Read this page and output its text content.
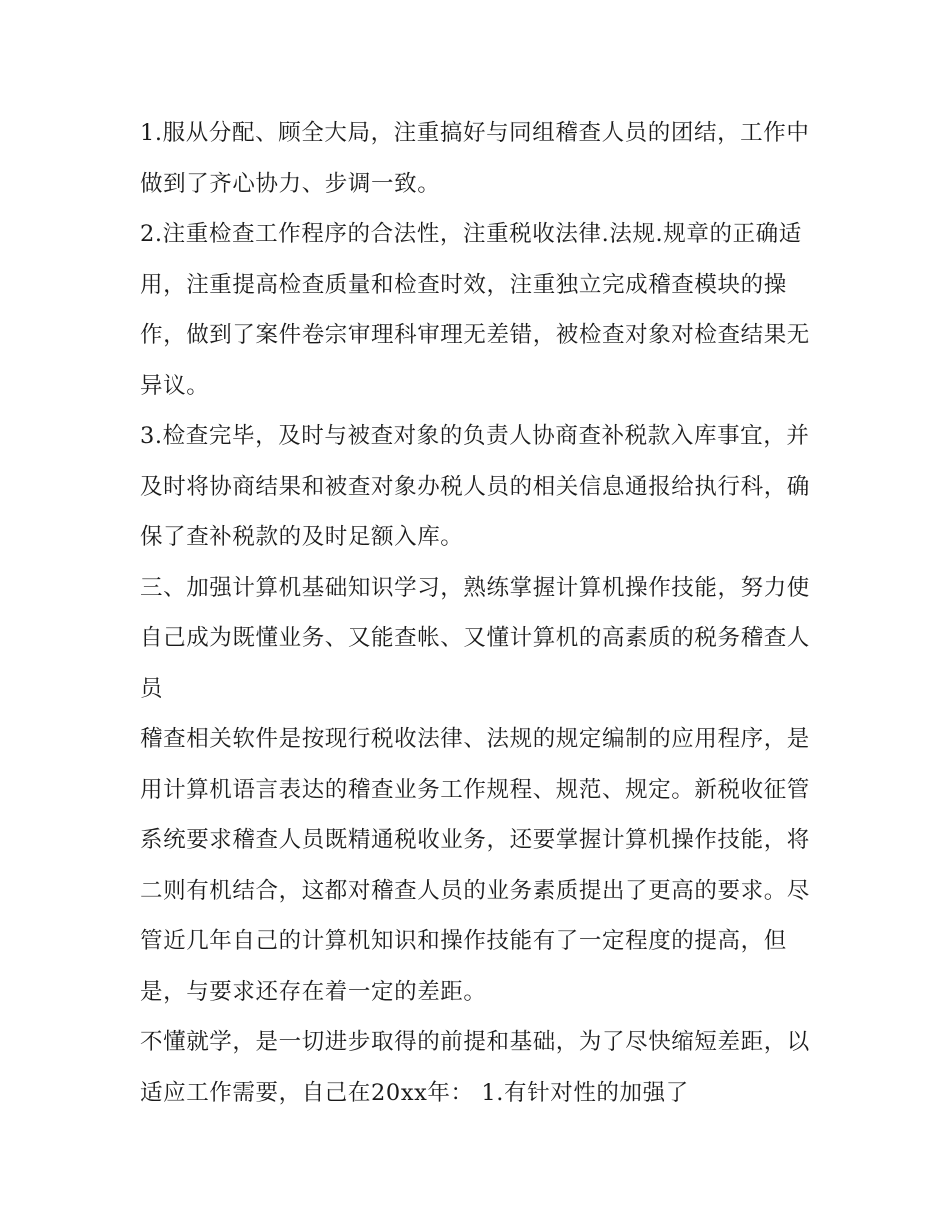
1.服从分配、顾全大局，注重搞好与同组稽查人员的团结，工作中做到了齐心协力、步调一致。

2.注重检查工作程序的合法性，注重税收法律.法规.规章的正确适用，注重提高检查质量和检查时效，注重独立完成稽查模块的操作，做到了案件卷宗审理科审理无差错，被检查对象对检查结果无异议。

3.检查完毕，及时与被查对象的负责人协商查补税款入库事宜，并及时将协商结果和被查对象办税人员的相关信息通报给执行科，确保了查补税款的及时足额入库。

三、加强计算机基础知识学习，熟练掌握计算机操作技能，努力使自己成为既懂业务、又能查帐、又懂计算机的高素质的税务稽查人员

稽查相关软件是按现行税收法律、法规的规定编制的应用程序，是用计算机语言表达的稽查业务工作规程、规范、规定。新税收征管系统要求稽查人员既精通税收业务，还要掌握计算机操作技能，将二则有机结合，这都对稽查人员的业务素质提出了更高的要求。尽管近几年自己的计算机知识和操作技能有了一定程度的提高，但是，与要求还存在着一定的差距。

不懂就学，是一切进步取得的前提和基础，为了尽快缩短差距，以适应工作需要，自己在20xx年： 1.有针对性的加强了
